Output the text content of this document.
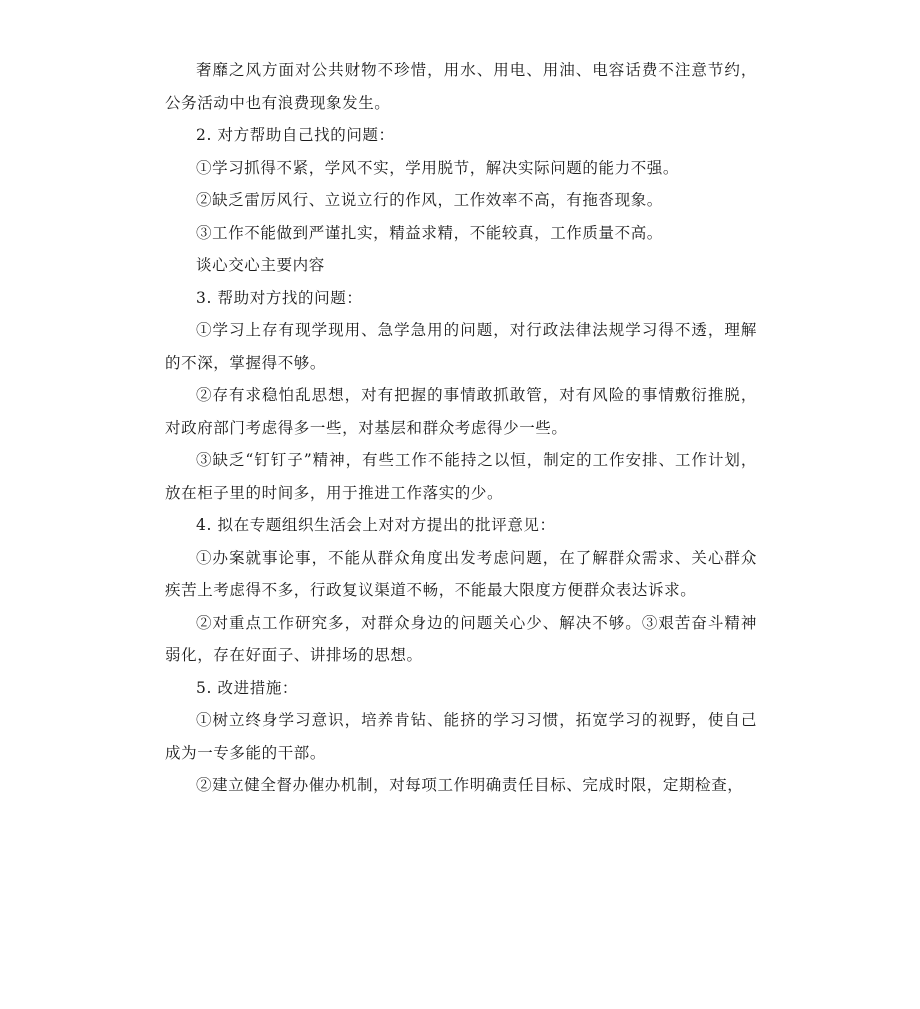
奢靡之风方面对公共财物不珍惜，用水、用电、用油、电容话费不注意节约，公务活动中也有浪费现象发生。

2. 对方帮助自己找的问题：

①学习抓得不紧，学风不实，学用脱节，解决实际问题的能力不强。

②缺乏雷厉风行、立说立行的作风，工作效率不高，有拖沓现象。

③工作不能做到严谨扎实，精益求精，不能较真，工作质量不高。

谈心交心主要内容

3. 帮助对方找的问题：

①学习上存有现学现用、急学急用的问题，对行政法律法规学习得不透，理解的不深，掌握得不够。

②存有求稳怕乱思想，对有把握的事情敢抓敢管，对有风险的事情敷衍推脱，对政府部门考虑得多一些，对基层和群众考虑得少一些。

③缺乏“钉钉子”精神，有些工作不能持之以恒，制定的工作安排、工作计划，放在柜子里的时间多，用于推进工作落实的少。

4. 拟在专题组织生活会上对对方提出的批评意见：

①办案就事论事，不能从群众角度出发考虑问题，在了解群众需求、关心群众疾苦上考虑得不多，行政复议渠道不畅，不能最大限度方便群众表达诉求。

②对重点工作研究多，对群众身边的问题关心少、解决不够。③艰苦奋斗精神弱化，存在好面子、讲排场的思想。

5. 改进措施：

①树立终身学习意识，培养肯钻、能挤的学习习惯，拓宽学习的视野，使自己成为一专多能的干部。

②建立健全督办催办机制，对每项工作明确责任目标、完成时限，定期检查，
